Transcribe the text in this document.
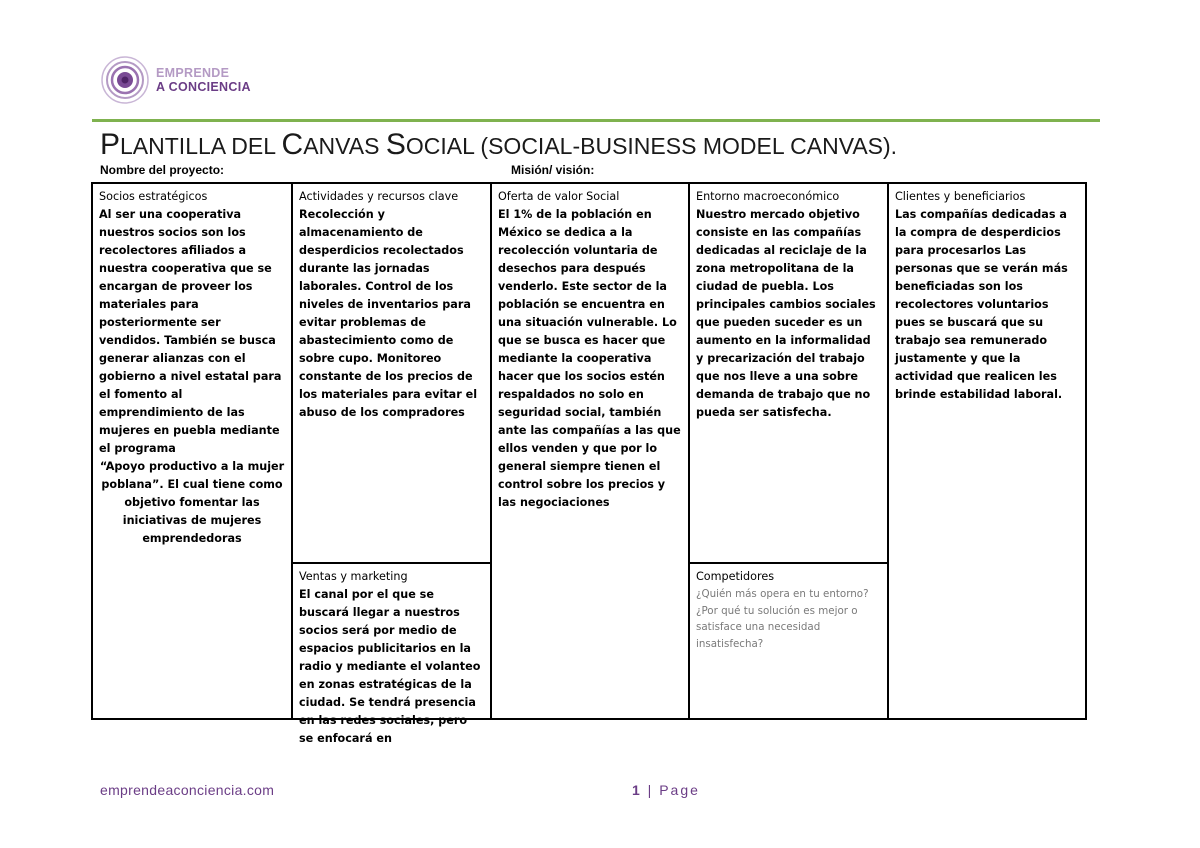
EMPRENDE
A CONCIENCIA
PLANTILLA DEL CANVAS SOCIAL (SOCIAL-BUSINESS MODEL CANVAS).
Nombre del proyecto:	Misión/ visión:
Socios estratégicos
Al ser una cooperativa nuestros socios son los recolectores afiliados a nuestra cooperativa que se encargan de proveer los materiales para posteriormente ser vendidos. También se busca generar alianzas con el gobierno a nivel estatal para el fomento al emprendimiento de las mujeres en puebla mediante el programa
“Apoyo productivo a la mujer poblana”. El cual tiene como objetivo fomentar las iniciativas de mujeres emprendedoras
Actividades y recursos clave
Recolección y almacenamiento de desperdicios recolectados durante las jornadas laborales. Control de los niveles de inventarios para evitar problemas de abastecimiento como de sobre cupo. Monitoreo constante de los precios de los materiales para evitar el abuso de los compradores
Ventas y marketing
El canal por el que se buscará llegar a nuestros socios será por medio de espacios publicitarios en la radio y mediante el volanteo en zonas estratégicas de la ciudad. Se tendrá presencia en las redes sociales, pero se enfocará en
Oferta de valor Social
El 1% de la población en México se dedica a la recolección voluntaria de desechos para después venderlo. Este sector de la población se encuentra en una situación vulnerable. Lo que se busca es hacer que mediante la cooperativa hacer que los socios estén respaldados no solo en seguridad social, también ante las compañías a las que ellos venden y que por lo general siempre tienen el control sobre los precios y las negociaciones
Entorno macroeconómico
Nuestro mercado objetivo consiste en las compañías dedicadas al reciclaje de la zona metropolitana de la ciudad de puebla. Los principales cambios sociales que pueden suceder es un aumento en la informalidad y precarización del trabajo que nos lleve a una sobre demanda de trabajo que no pueda ser satisfecha.
Competidores
¿Quién más opera en tu entorno? ¿Por qué tu solución es mejor o satisface una necesidad insatisfecha?
Clientes y beneficiarios
Las compañías dedicadas a la compra de desperdicios para procesarlos Las personas que se verán más beneficiadas son los recolectores voluntarios pues se buscará que su trabajo sea remunerado justamente y que la actividad que realicen les brinde estabilidad laboral.
emprendeaconciencia.com	1 | Page
